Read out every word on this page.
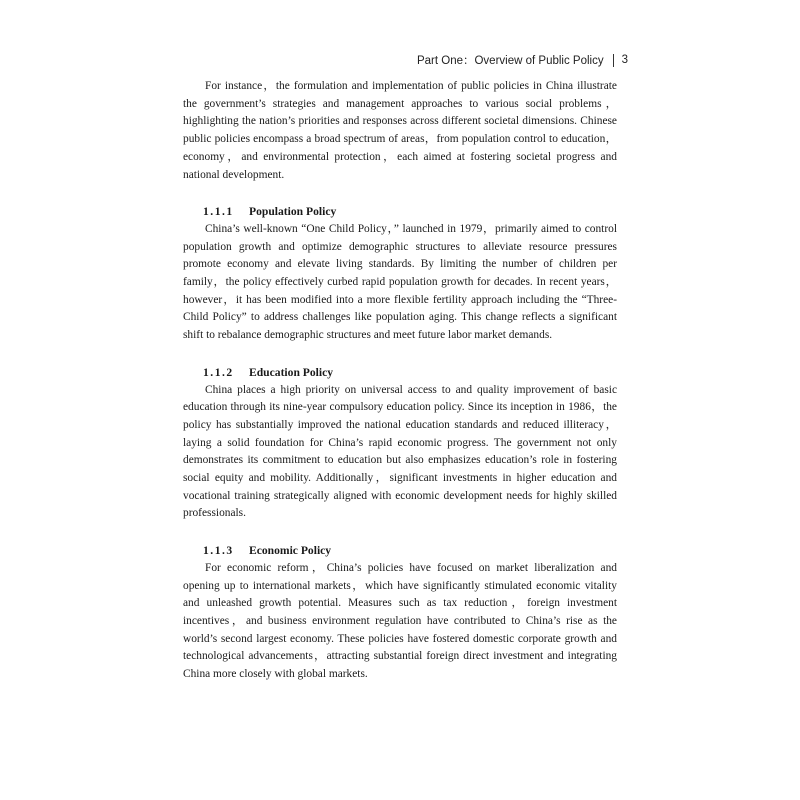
Part One：Overview of Public Policy 3

For instance，the formulation and implementation of public policies in China illustrate the government’s strategies and management approaches to various social problems，highlighting the nation’s priorities and responses across different societal dimensions. Chinese public policies encompass a broad spectrum of areas，from population control to education，economy，and environmental protection，each aimed at fostering societal progress and national development.

1.1.1 Population Policy

China’s well-known “One Child Policy，” launched in 1979，primarily aimed to control population growth and optimize demographic structures to alleviate resource pressures promote economy and elevate living standards. By limiting the number of children per family，the policy effectively curbed rapid population growth for decades. In recent years，however，it has been modified into a more flexible fertility approach including the “Three-Child Policy” to address challenges like population aging. This change reflects a significant shift to rebalance demographic structures and meet future labor market demands.

1.1.2 Education Policy

China places a high priority on universal access to and quality improvement of basic education through its nine-year compulsory education policy. Since its inception in 1986，the policy has substantially improved the national education standards and reduced illiteracy，laying a solid foundation for China’s rapid economic progress. The government not only demonstrates its commitment to education but also emphasizes education’s role in fostering social equity and mobility. Additionally，significant investments in higher education and vocational training strategically aligned with economic development needs for highly skilled professionals.

1.1.3 Economic Policy

For economic reform，China’s policies have focused on market liberalization and opening up to international markets，which have significantly stimulated economic vitality and unleashed growth potential. Measures such as tax reduction，foreign investment incentives，and business environment regulation have contributed to China’s rise as the world’s second largest economy. These policies have fostered domestic corporate growth and technological advancements，attracting substantial foreign direct investment and integrating China more closely with global markets.
